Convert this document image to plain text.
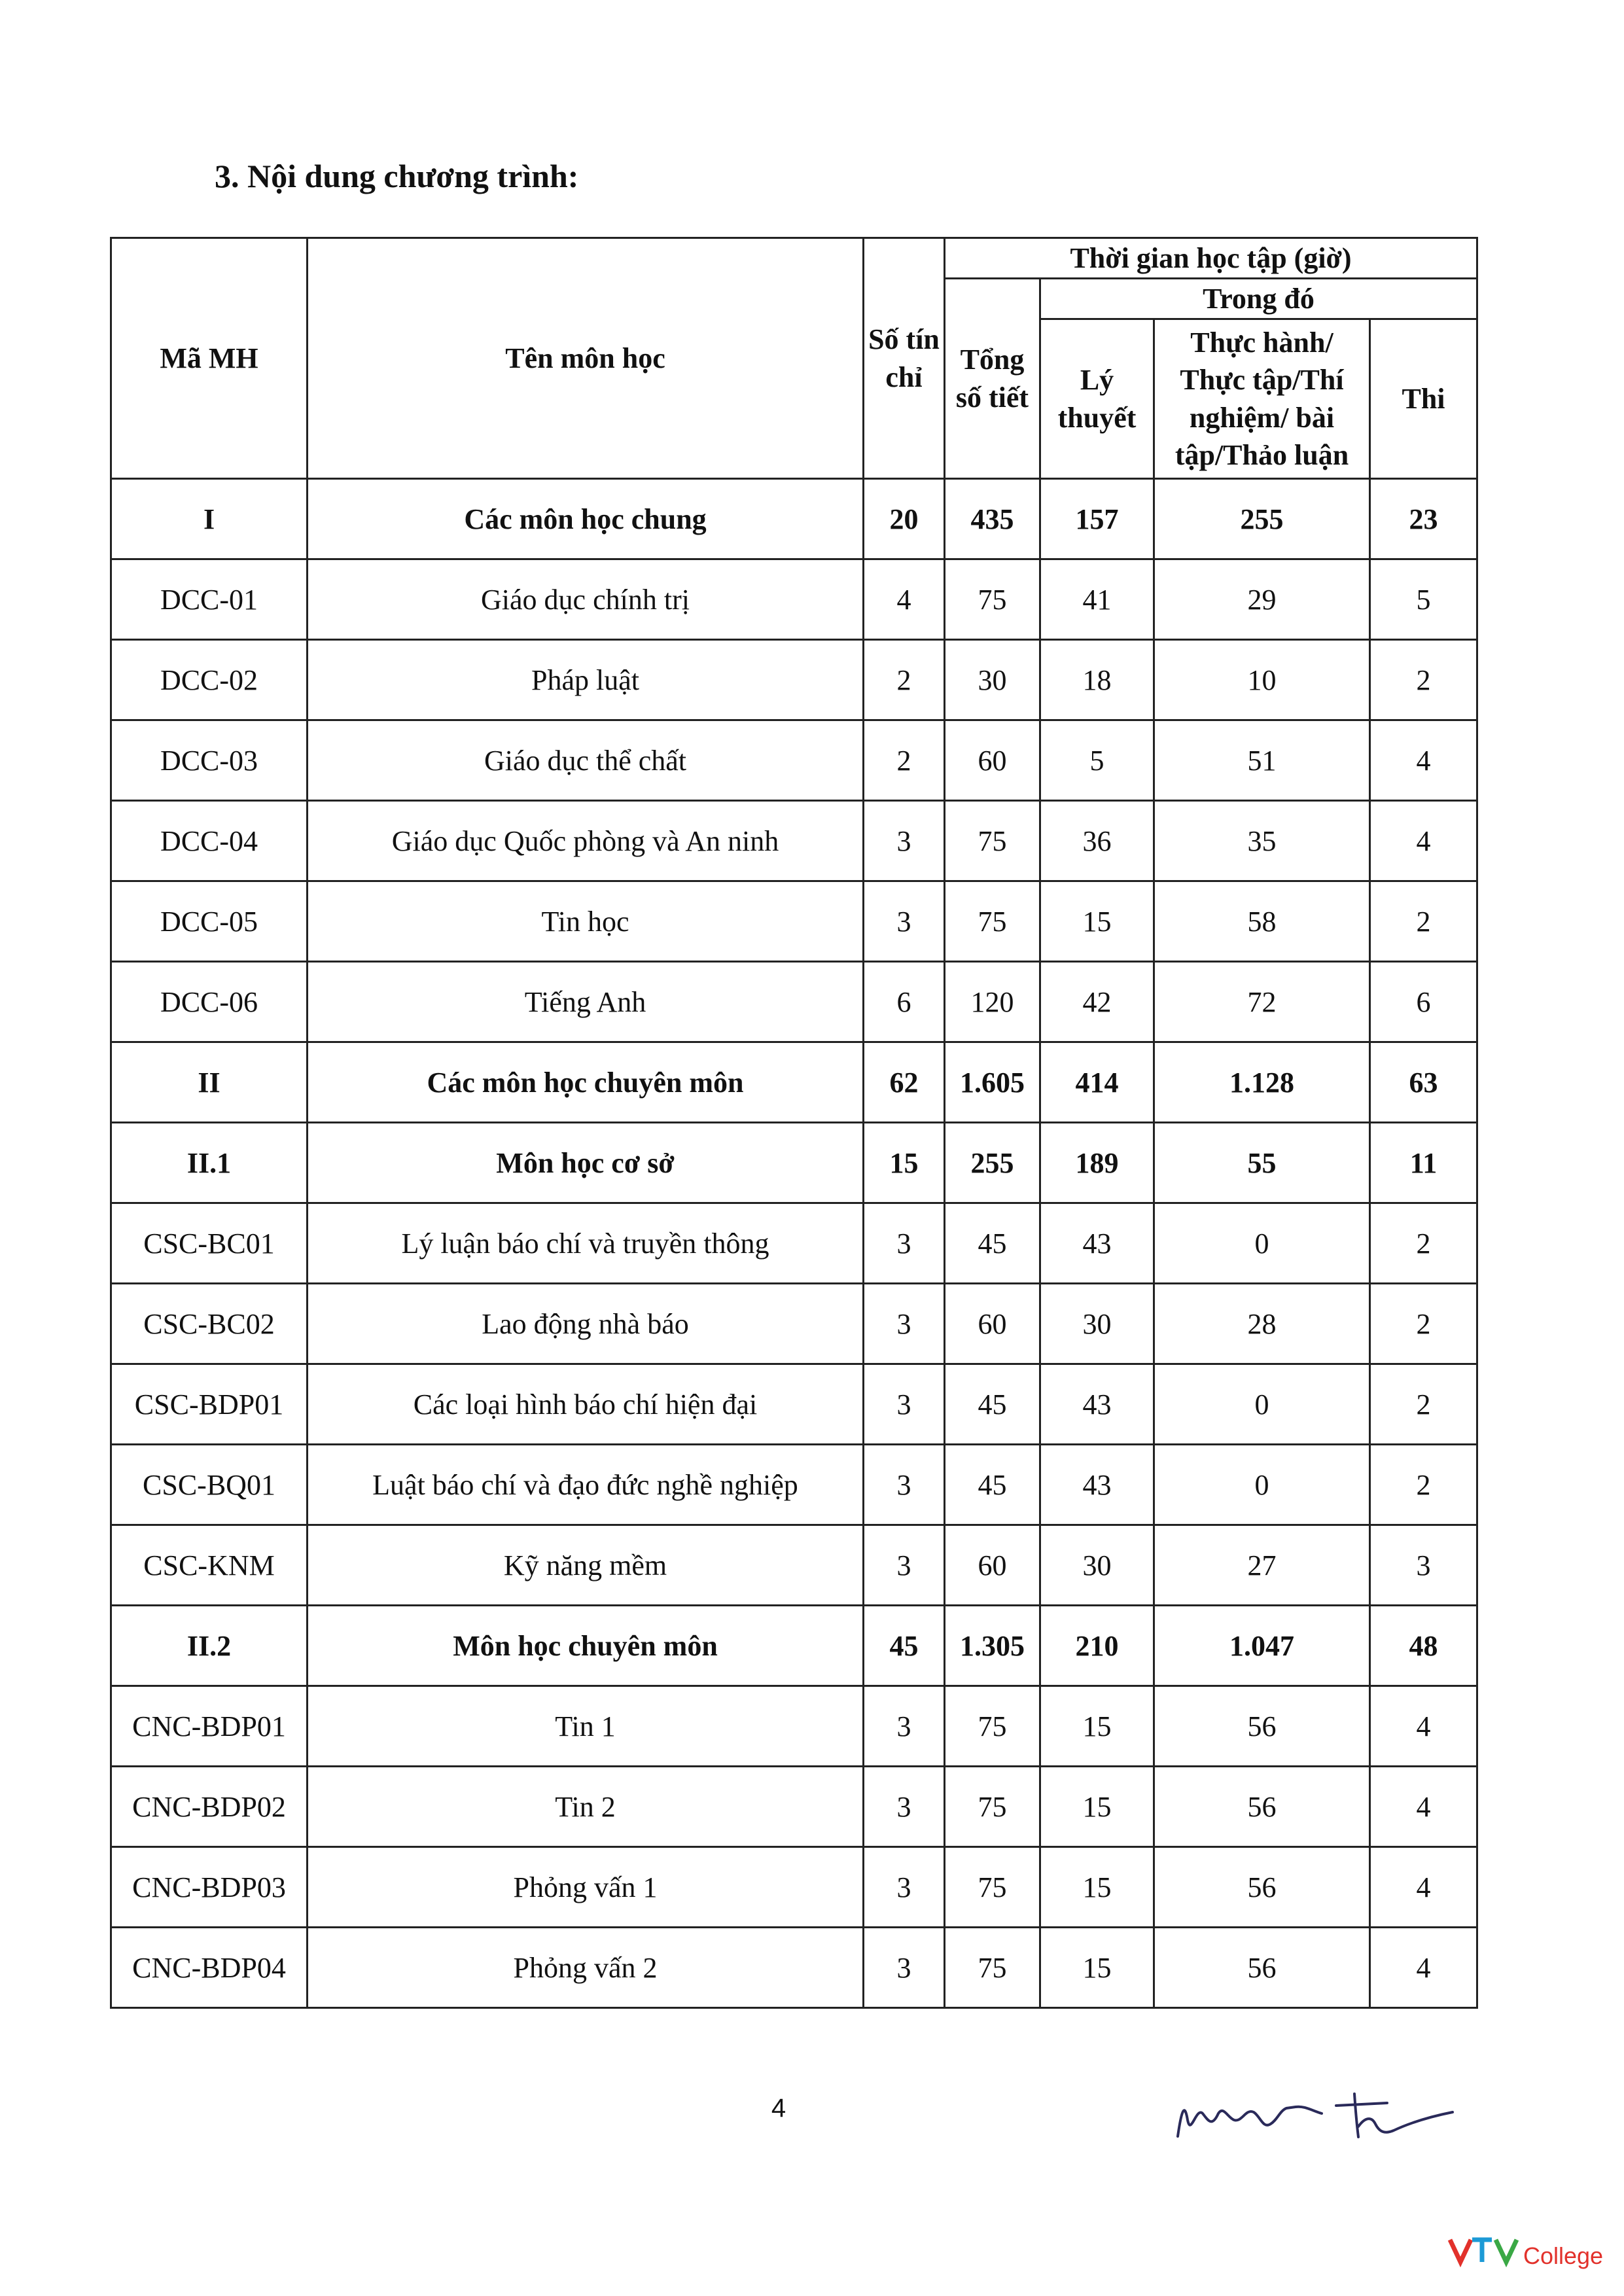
3. Nội dung chương trình:
Mã MH	Tên môn học	Số tín chỉ	Thời gian học tập (giờ)			
			Tổng số tiết	Trong đó		
				Lý thuyết	Thực hành/ Thực tập/Thí nghiệm/ bài tập/Thảo luận	Thi
I	Các môn học chung	20	435	157	255	23
DCC-01	Giáo dục chính trị	4	75	41	29	5
DCC-02	Pháp luật	2	30	18	10	2
DCC-03	Giáo dục thể chất	2	60	5	51	4
DCC-04	Giáo dục Quốc phòng và An ninh	3	75	36	35	4
DCC-05	Tin học	3	75	15	58	2
DCC-06	Tiếng Anh	6	120	42	72	6
II	Các môn học chuyên môn	62	1.605	414	1.128	63
II.1	Môn học cơ sở	15	255	189	55	11
CSC-BC01	Lý luận báo chí và truyền thông	3	45	43	0	2
CSC-BC02	Lao động nhà báo	3	60	30	28	2
CSC-BDP01	Các loại hình báo chí hiện đại	3	45	43	0	2
CSC-BQ01	Luật báo chí và đạo đức nghề nghiệp	3	45	43	0	2
CSC-KNM	Kỹ năng mềm	3	60	30	27	3
II.2	Môn học chuyên môn	45	1.305	210	1.047	48
CNC-BDP01	Tin 1	3	75	15	56	4
CNC-BDP02	Tin 2	3	75	15	56	4
CNC-BDP03	Phỏng vấn 1	3	75	15	56	4
CNC-BDP04	Phỏng vấn 2	3	75	15	56	4
4
College
